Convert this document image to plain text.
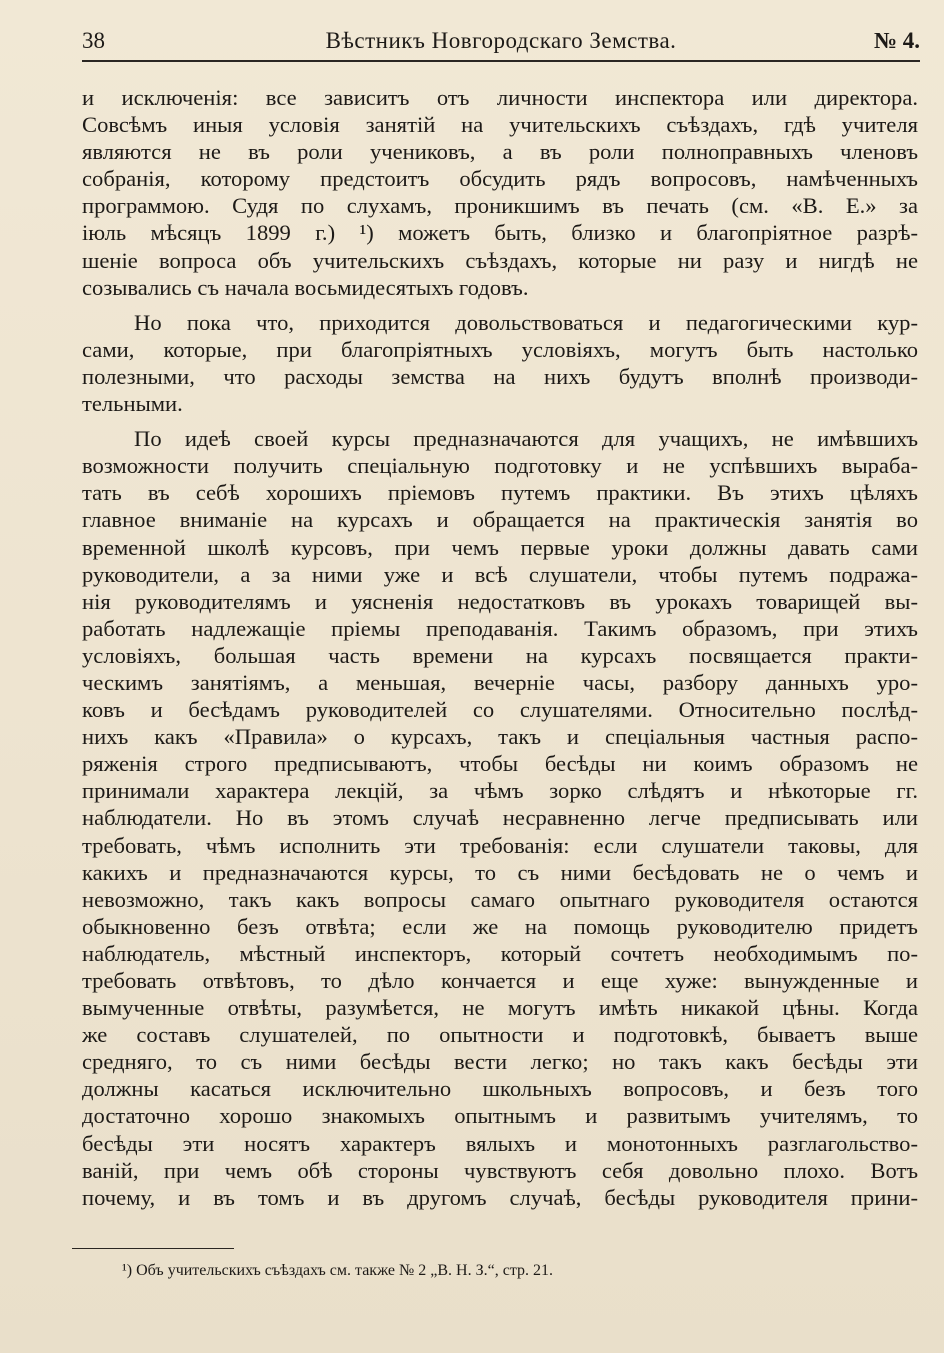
38	Вѣстникъ Новгородскаго Земства.	№ 4.
и исключенія: все зависитъ отъ личности инспектора или директора.
Совсѣмъ иныя условія занятій на учительскихъ съѣздахъ, гдѣ учителя
являются не въ роли учениковъ, а въ роли полноправныхъ членовъ
собранія, которому предстоитъ обсудить рядъ вопросовъ, намѣченныхъ
программою. Судя по слухамъ, проникшимъ въ печать (см. «В. Е.» за
іюль мѣсяцъ 1899 г.) ¹) можетъ быть, близко и благопріятное разрѣ-
шеніе вопроса объ учительскихъ съѣздахъ, которые ни разу и нигдѣ не
созывались съ начала восьмидесятыхъ годовъ.
Но пока что, приходится довольствоваться и педагогическими кур-
сами, которые, при благопріятныхъ условіяхъ, могутъ быть настолько
полезными, что расходы земства на нихъ будутъ вполнѣ производи-
тельными.
По идеѣ своей курсы предназначаются для учащихъ, не имѣвшихъ
возможности получить спеціальную подготовку и не успѣвшихъ выраба-
тать въ себѣ хорошихъ пріемовъ путемъ практики. Въ этихъ цѣляхъ
главное вниманіе на курсахъ и обращается на практическія занятія во
временной школѣ курсовъ, при чемъ первые уроки должны давать сами
руководители, а за ними уже и всѣ слушатели, чтобы путемъ подража-
нія руководителямъ и уясненія недостатковъ въ урокахъ товарищей вы-
работать надлежащіе пріемы преподаванія. Такимъ образомъ, при этихъ
условіяхъ, большая часть времени на курсахъ посвящается практи-
ческимъ занятіямъ, а меньшая, вечерніе часы, разбору данныхъ уро-
ковъ и бесѣдамъ руководителей со слушателями. Относительно послѣд-
нихъ какъ «Правила» о курсахъ, такъ и спеціальныя частныя распо-
ряженія строго предписываютъ, чтобы бесѣды ни коимъ образомъ не
принимали характера лекцій, за чѣмъ зорко слѣдятъ и нѣкоторые гг.
наблюдатели. Но въ этомъ случаѣ несравненно легче предписывать или
требовать, чѣмъ исполнить эти требованія: если слушатели таковы, для
какихъ и предназначаются курсы, то съ ними бесѣдовать не о чемъ и
невозможно, такъ какъ вопросы самаго опытнаго руководителя остаются
обыкновенно безъ отвѣта; если же на помощь руководителю придетъ
наблюдатель, мѣстный инспекторъ, который сочтетъ необходимымъ по-
требовать отвѣтовъ, то дѣло кончается и еще хуже: вынужденные и
вымученные отвѣты, разумѣется, не могутъ имѣть никакой цѣны. Когда
же составъ слушателей, по опытности и подготовкѣ, бываетъ выше
средняго, то съ ними бесѣды вести легко; но такъ какъ бесѣды эти
должны касаться исключительно школьныхъ вопросовъ, и безъ того
достаточно хорошо знакомыхъ опытнымъ и развитымъ учителямъ, то
бесѣды эти носятъ характеръ вялыхъ и монотонныхъ разглагольство-
ваній, при чемъ обѣ стороны чувствуютъ себя довольно плохо. Вотъ
почему, и въ томъ и въ другомъ случаѣ, бесѣды руководителя прини-
¹) Объ учительскихъ съѣздахъ см. также № 2 „В. Н. З.“, стр. 21.
